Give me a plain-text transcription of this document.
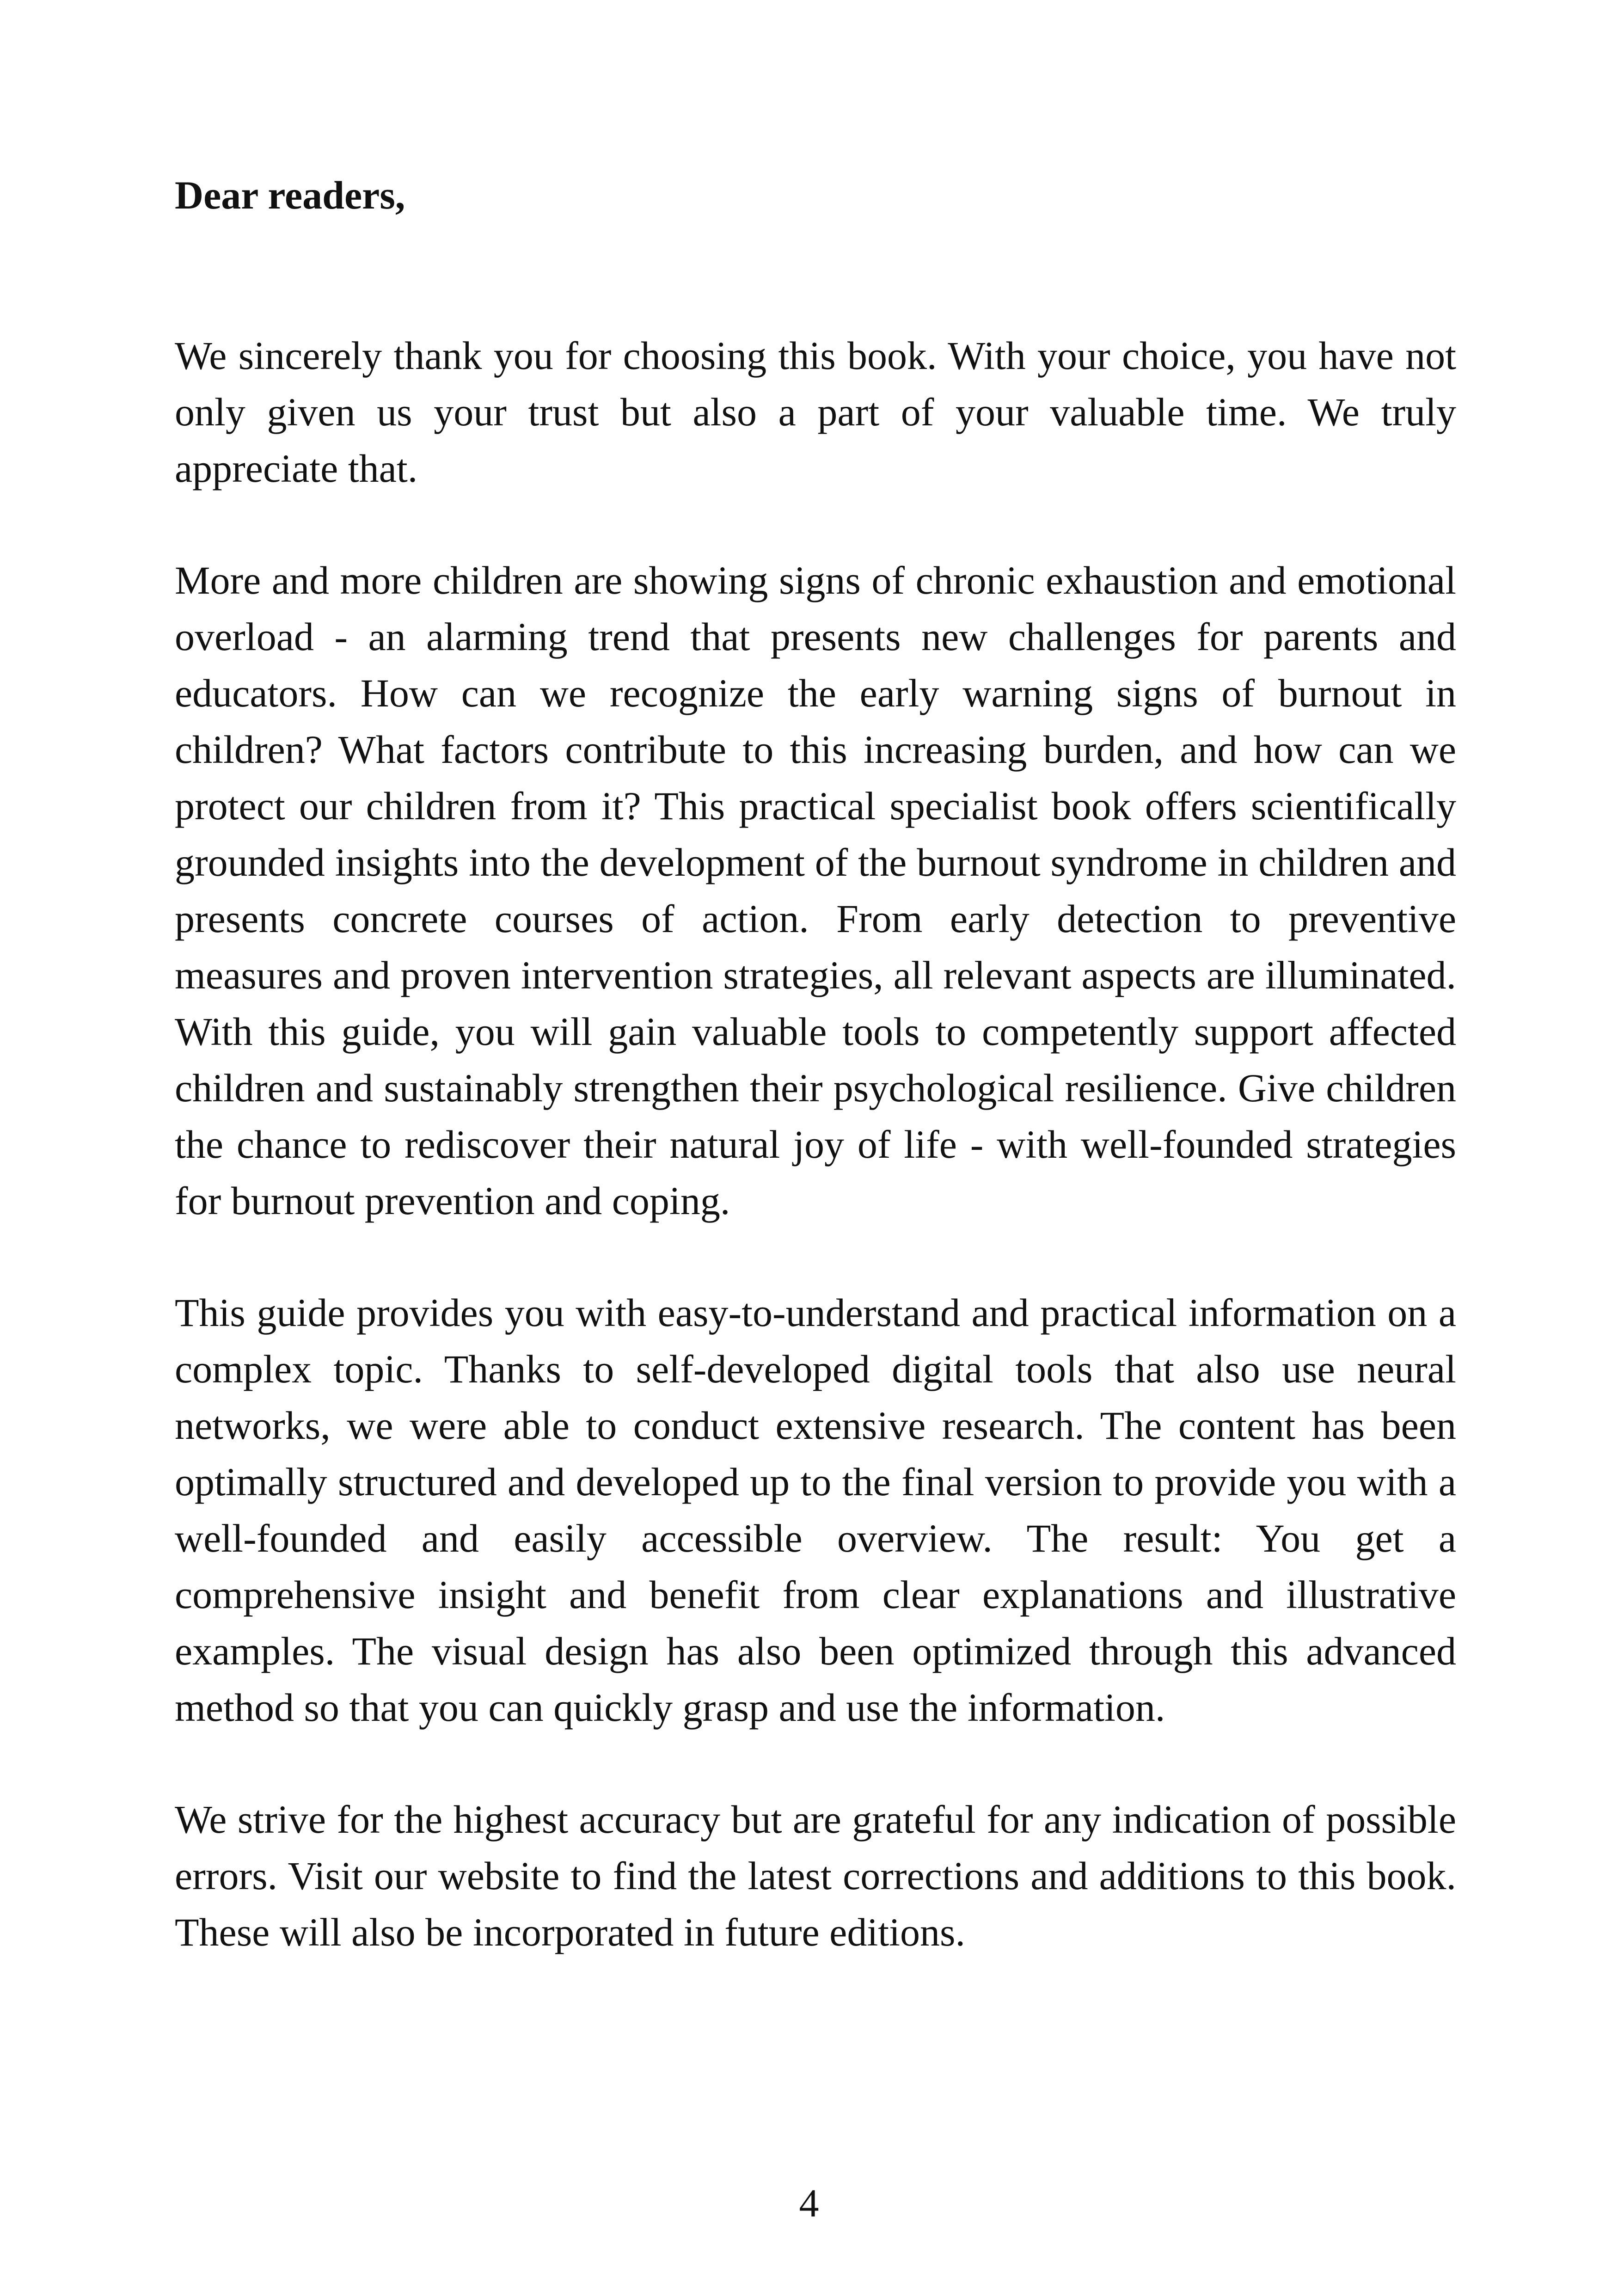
Dear readers,

We sincerely thank you for choosing this book. With your choice, you have not only given us your trust but also a part of your valuable time. We truly appreciate that.

More and more children are showing signs of chronic exhaustion and emotional overload - an alarming trend that presents new challenges for parents and educators. How can we recognize the early warning signs of burnout in children? What factors contribute to this increasing burden, and how can we protect our children from it? This practical specialist book offers scientifically grounded insights into the development of the burnout syndrome in children and presents concrete courses of action. From early detection to preventive measures and proven intervention strategies, all relevant aspects are illuminated. With this guide, you will gain valuable tools to competently support affected children and sustainably strengthen their psychological resilience. Give children the chance to rediscover their natural joy of life - with well-founded strategies for burnout prevention and coping.

This guide provides you with easy-to-understand and practical information on a complex topic. Thanks to self-developed digital tools that also use neural networks, we were able to conduct extensive research. The content has been optimally structured and developed up to the final version to provide you with a well-founded and easily accessible overview. The result: You get a comprehensive insight and benefit from clear explanations and illustrative examples. The visual design has also been optimized through this advanced method so that you can quickly grasp and use the information.

We strive for the highest accuracy but are grateful for any indication of possible errors. Visit our website to find the latest corrections and additions to this book. These will also be incorporated in future editions.

4
